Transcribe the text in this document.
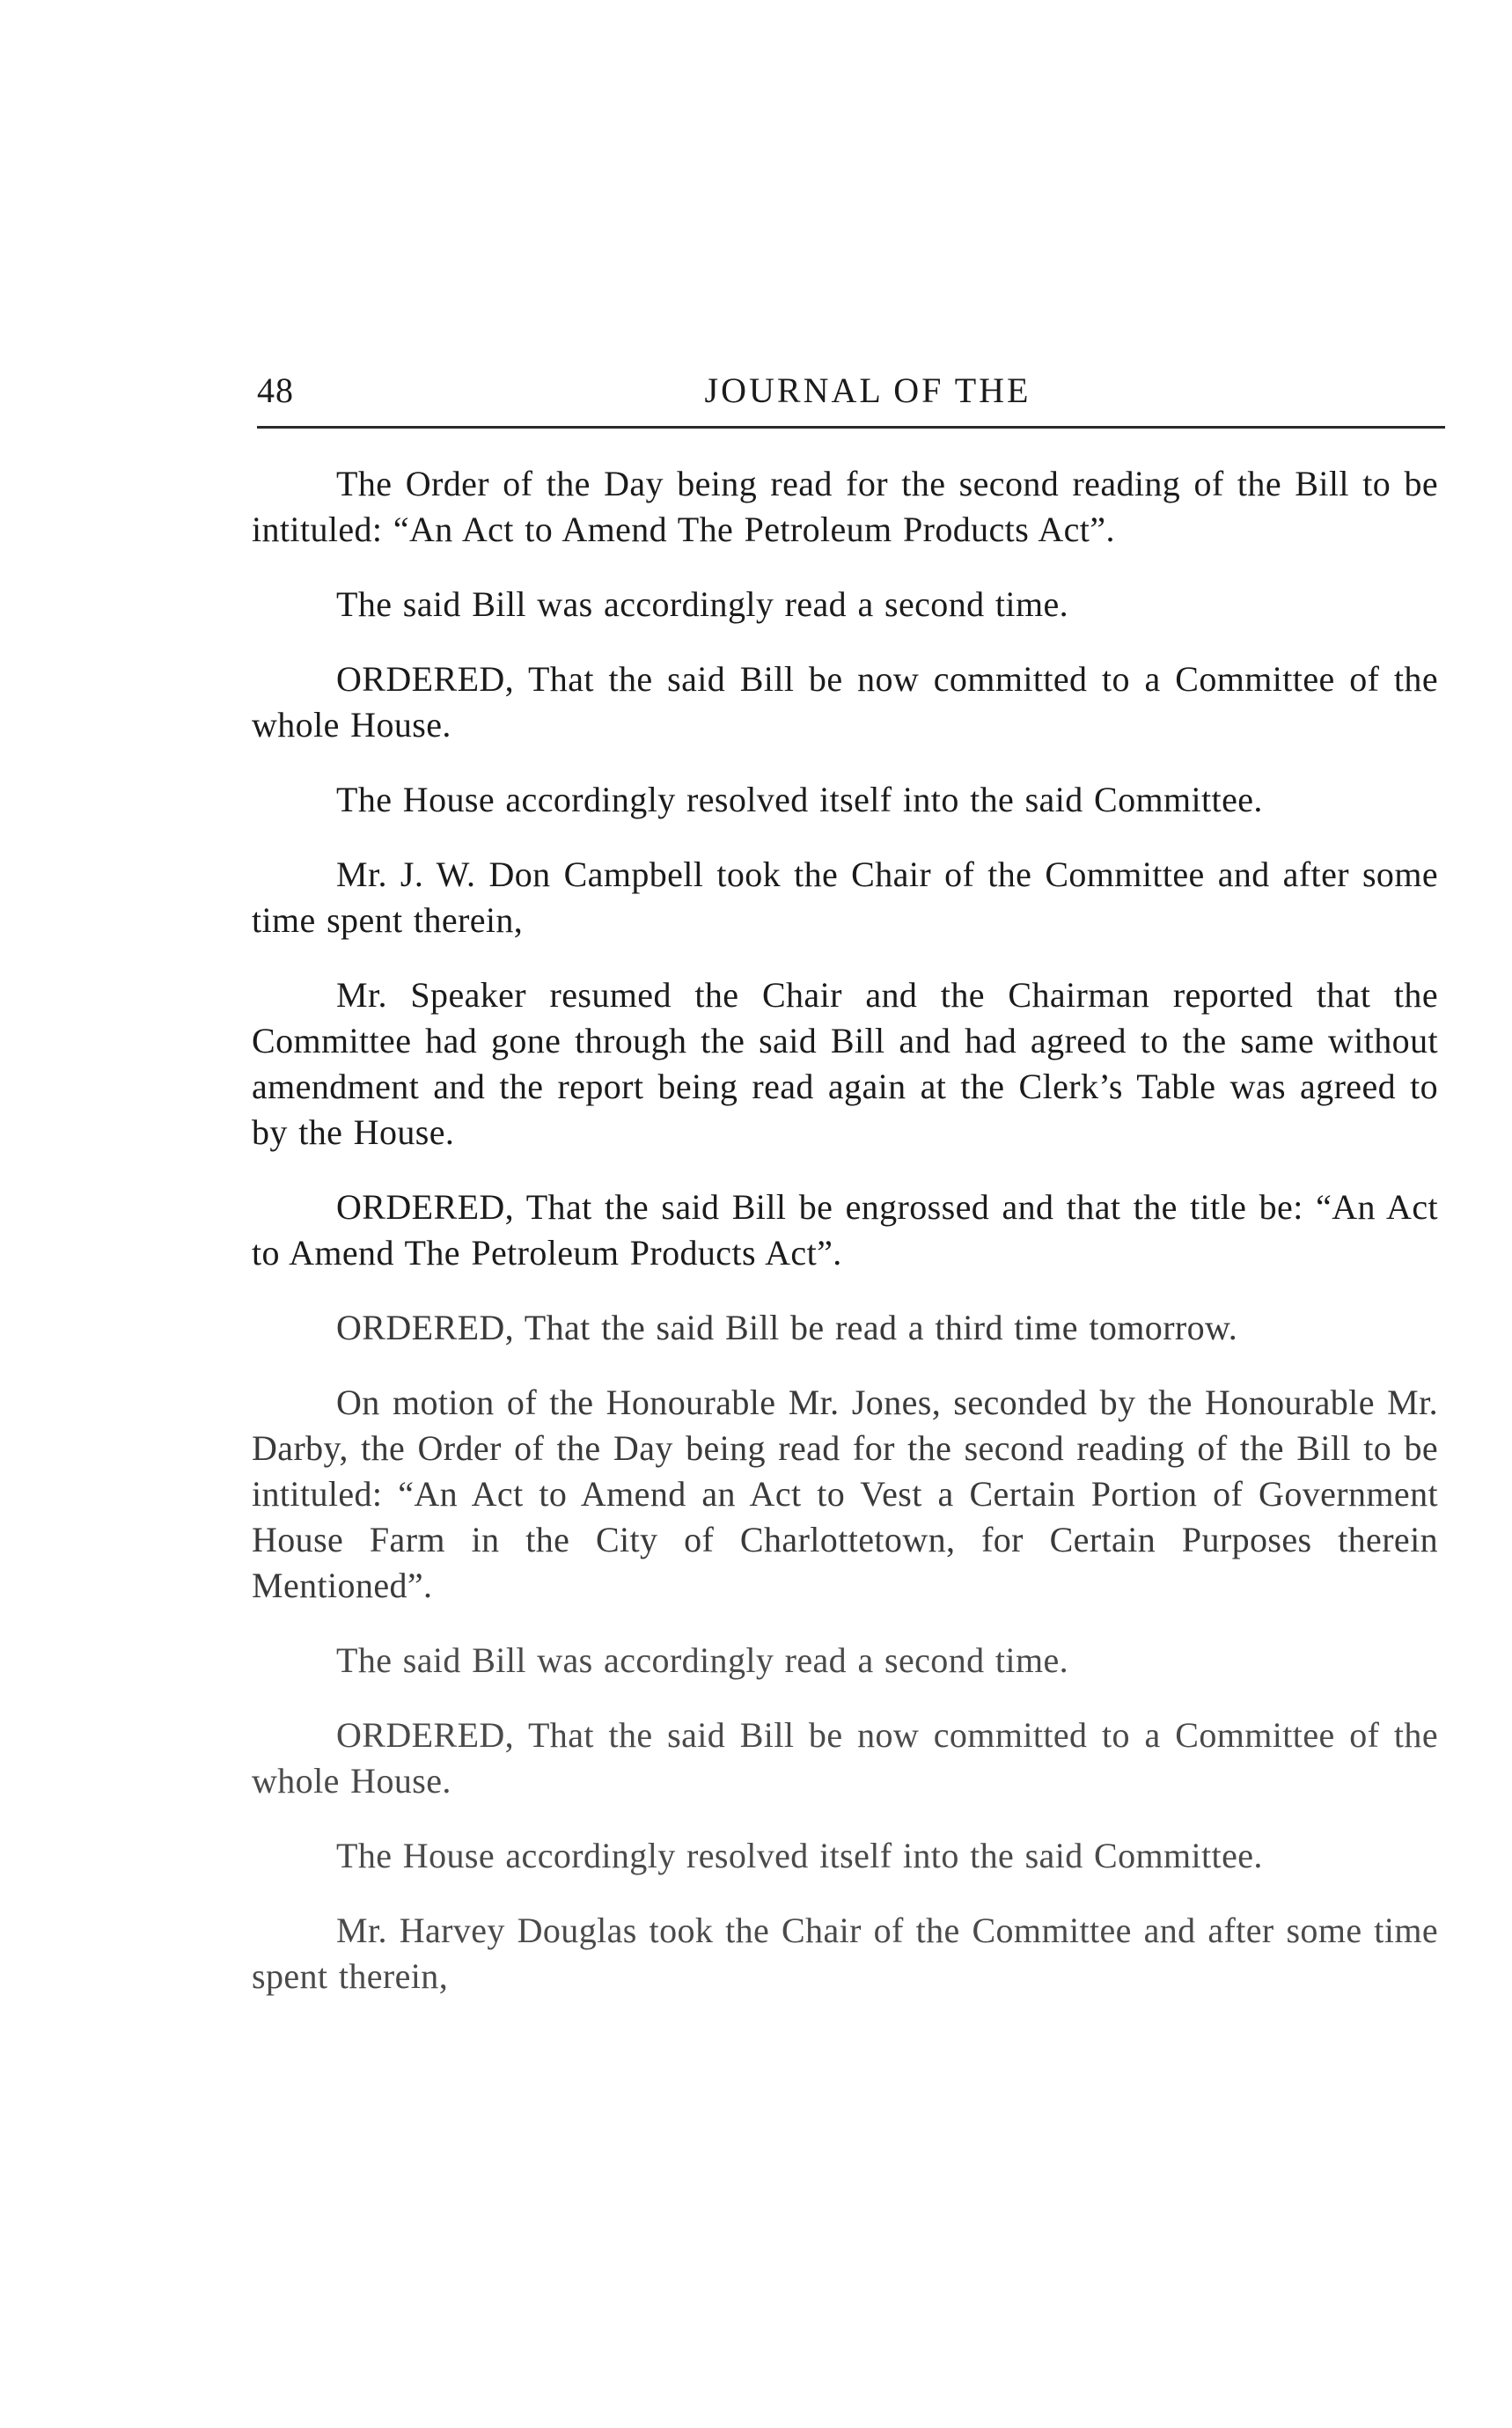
48	JOURNAL OF THE

The Order of the Day being read for the second reading of the Bill to be intituled: “An Act to Amend The Petroleum Products Act”.

The said Bill was accordingly read a second time.

ORDERED, That the said Bill be now committed to a Committee of the whole House.

The House accordingly resolved itself into the said Committee.

Mr. J. W. Don Campbell took the Chair of the Committee and after some time spent therein,

Mr. Speaker resumed the Chair and the Chairman reported that the Committee had gone through the said Bill and had agreed to the same without amendment and the report being read again at the Clerk’s Table was agreed to by the House.

ORDERED, That the said Bill be engrossed and that the title be: “An Act to Amend The Petroleum Products Act”.

ORDERED, That the said Bill be read a third time tomorrow.

On motion of the Honourable Mr. Jones, seconded by the Honourable Mr. Darby, the Order of the Day being read for the second reading of the Bill to be intituled: “An Act to Amend an Act to Vest a Certain Portion of Government House Farm in the City of Charlottetown, for Certain Purposes therein Mentioned”.

The said Bill was accordingly read a second time.

ORDERED, That the said Bill be now committed to a Committee of the whole House.

The House accordingly resolved itself into the said Committee.

Mr. Harvey Douglas took the Chair of the Committee and after some time spent therein,
